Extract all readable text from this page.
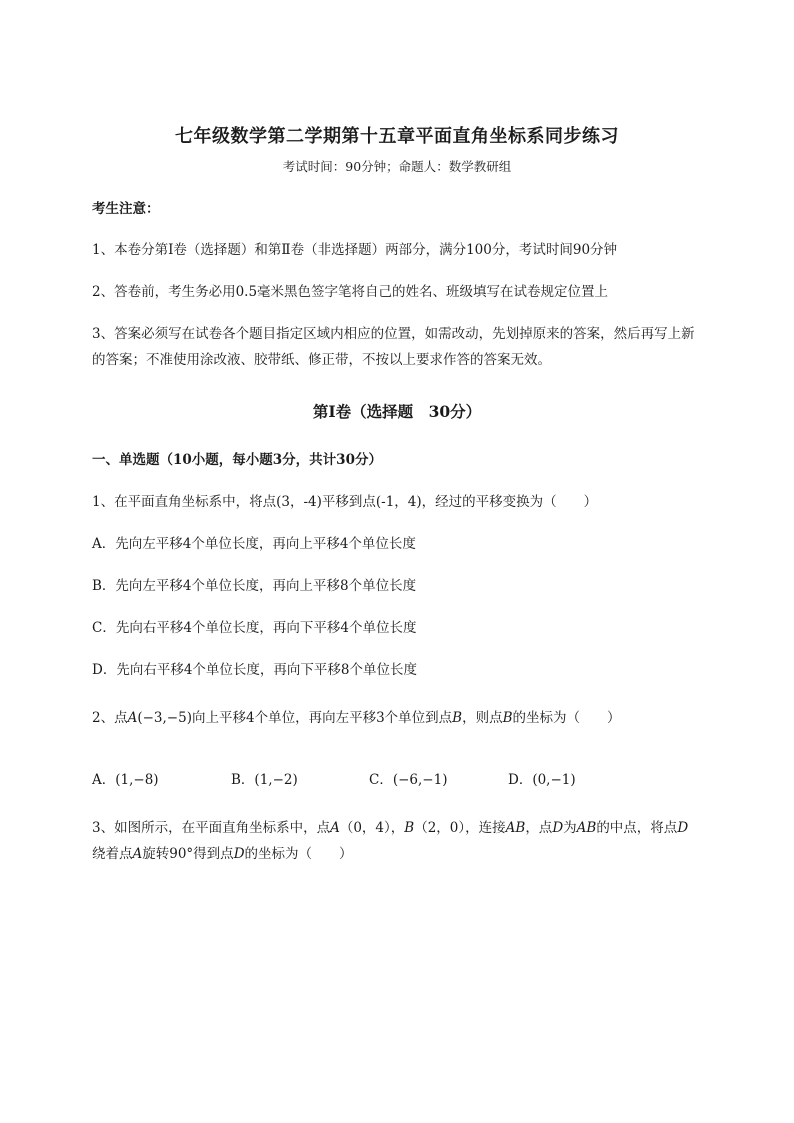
七年级数学第二学期第十五章平面直角坐标系同步练习
考试时间：90分钟；命题人：数学教研组
考生注意：
1、本卷分第I卷（选择题）和第Ⅱ卷（非选择题）两部分，满分100分，考试时间90分钟
2、答卷前，考生务必用0.5毫米黑色签字笔将自己的姓名、班级填写在试卷规定位置上
3、答案必须写在试卷各个题目指定区域内相应的位置，如需改动，先划掉原来的答案，然后再写上新
的答案；不准使用涂改液、胶带纸、修正带，不按以上要求作答的答案无效。
第I卷（选择题　30分）
一、单选题（10小题，每小题3分，共计30分）
1、在平面直角坐标系中，将点(3，-4)平移到点(-1，4)，经过的平移变换为（　　）
A．先向左平移4个单位长度，再向上平移4个单位长度
B．先向左平移4个单位长度，再向上平移8个单位长度
C．先向右平移4个单位长度，再向下平移4个单位长度
D．先向右平移4个单位长度，再向下平移8个单位长度
2、点A(−3,−5)向上平移4个单位，再向左平移3个单位到点B，则点B的坐标为（　　）
A．(1,−8)	B．(1,−2)	C．(−6,−1)	D．(0,−1)
3、如图所示，在平面直角坐标系中，点A（0，4），B（2，0），连接AB，点D为AB的中点，将点D
绕着点A旋转90°得到点D的坐标为（　　）
